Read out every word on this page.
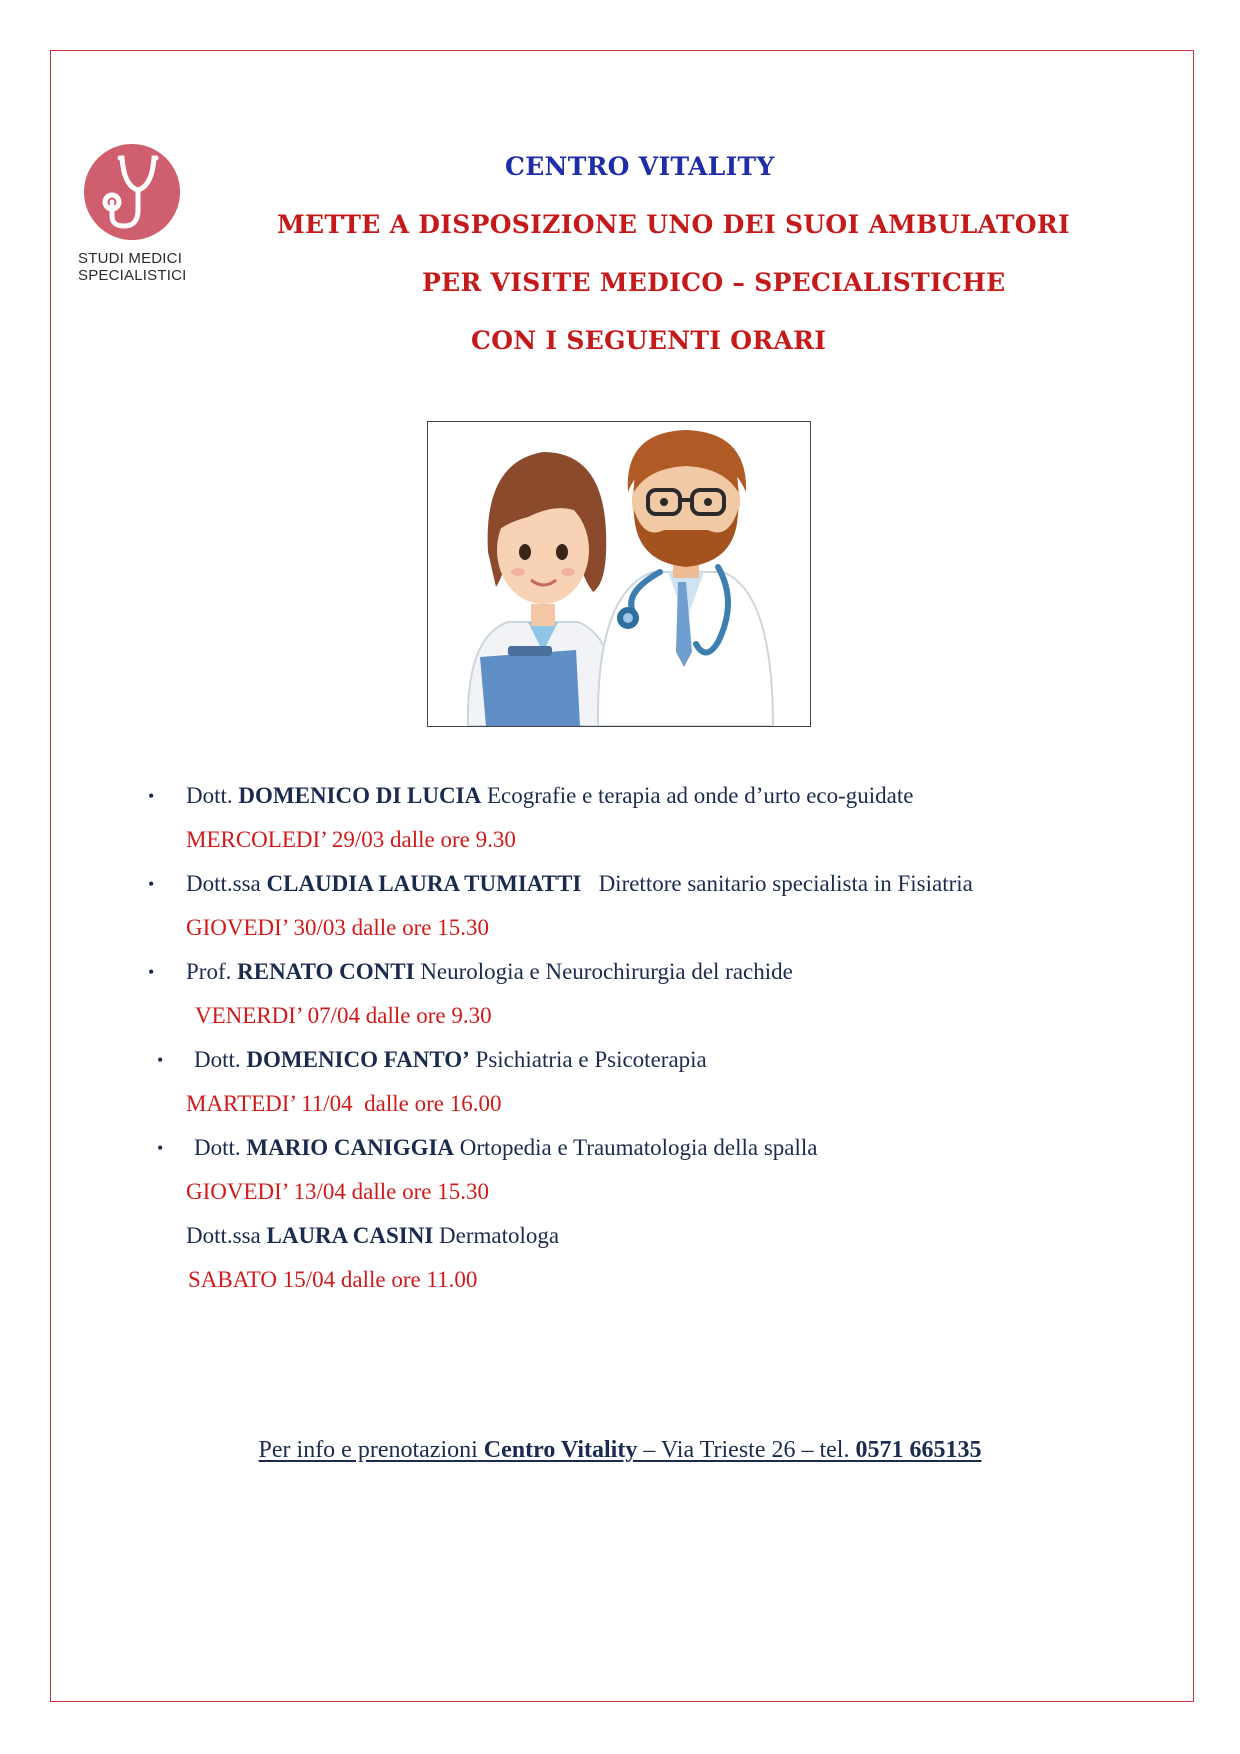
STUDI MEDICI
SPECIALISTICI
CENTRO VITALITY
METTE A DISPOSIZIONE UNO DEI SUOI AMBULATORI
PER VISITE MEDICO – SPECIALISTICHE
CON I SEGUENTI ORARI
•	Dott. DOMENICO DI LUCIA Ecografie e terapia ad onde d’urto eco-guidate
MERCOLEDI’ 29/03 dalle ore 9.30
•	Dott.ssa CLAUDIA LAURA TUMIATTI Direttore sanitario specialista in Fisiatria
GIOVEDI’ 30/03 dalle ore 15.30
•	Prof. RENATO CONTI Neurologia e Neurochirurgia del rachide
VENERDI’ 07/04 dalle ore 9.30
•	Dott. DOMENICO FANTO’ Psichiatria e Psicoterapia
MARTEDI’ 11/04  dalle ore 16.00
•	Dott. MARIO CANIGGIA Ortopedia e Traumatologia della spalla
GIOVEDI’ 13/04 dalle ore 15.30
Dott.ssa LAURA CASINI Dermatologa
SABATO 15/04 dalle ore 11.00
Per info e prenotazioni Centro Vitality – Via Trieste 26 – tel. 0571 665135
